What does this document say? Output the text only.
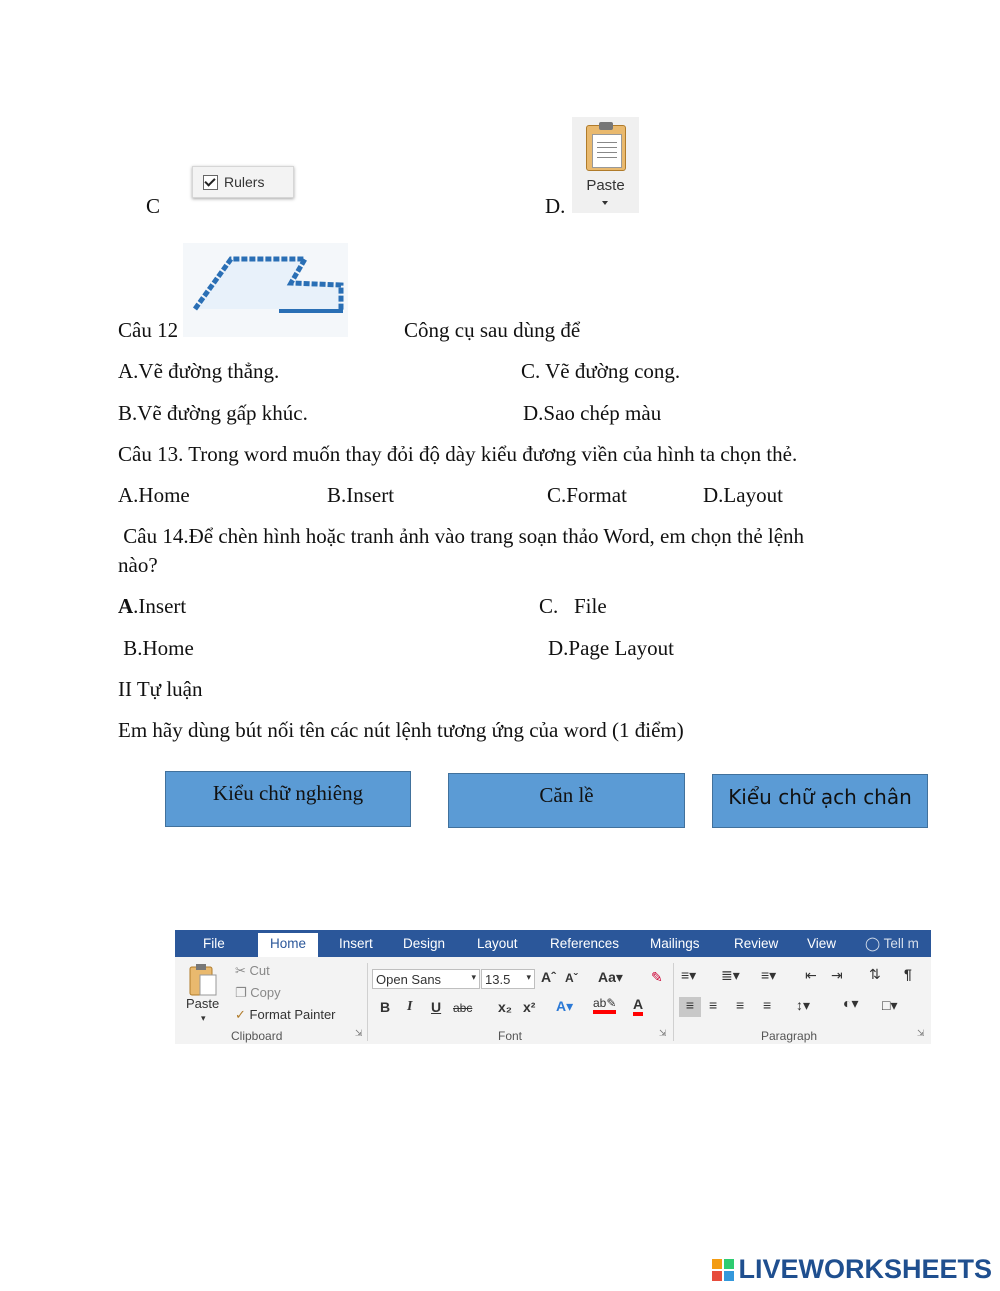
C
Rulers
D.
Paste
Câu 12	Công cụ sau dùng để
A.Vẽ đường thẳng.	C. Vẽ đường cong.
B.Vẽ đường gấp khúc.	D.Sao chép màu
Câu 13. Trong word muốn thay đỏi độ dày kiểu đương viền của hình ta chọn thẻ.
A.Home	B.Insert	C.Format	D.Layout
Câu 14.Để chèn hình hoặc tranh ảnh vào trang soạn thảo Word, em chọn thẻ lệnh
nào?
A.Insert	C.   File
B.Home	D.Page Layout
II Tự luận
Em hãy dùng bút nối tên các nút lệnh tương ứng của word (1 điểm)
Kiểu chữ nghiêng	Căn lề	Kiểu chữ ạch chân
File	Home	Insert Design Layout References Mailings	Review View ◯ Tell m
Paste
▾
✂ Cut
❐ Copy
✓ Format Painter
Clipboard	⇲
Open Sans	▾ 13.5 ▾ Aˆ Aˇ Aa▾ ✎
B I U abc x₂ x² A▾ ab✎ A
Font	⇲
≡▾ ≣▾ ≡▾ ⇤ ⇥ ⇅ ¶
≡	≡ ≡ ≡ ↕▾ ◐▾ □▾
Paragraph	⇲
LIVEWORKSHEETS
